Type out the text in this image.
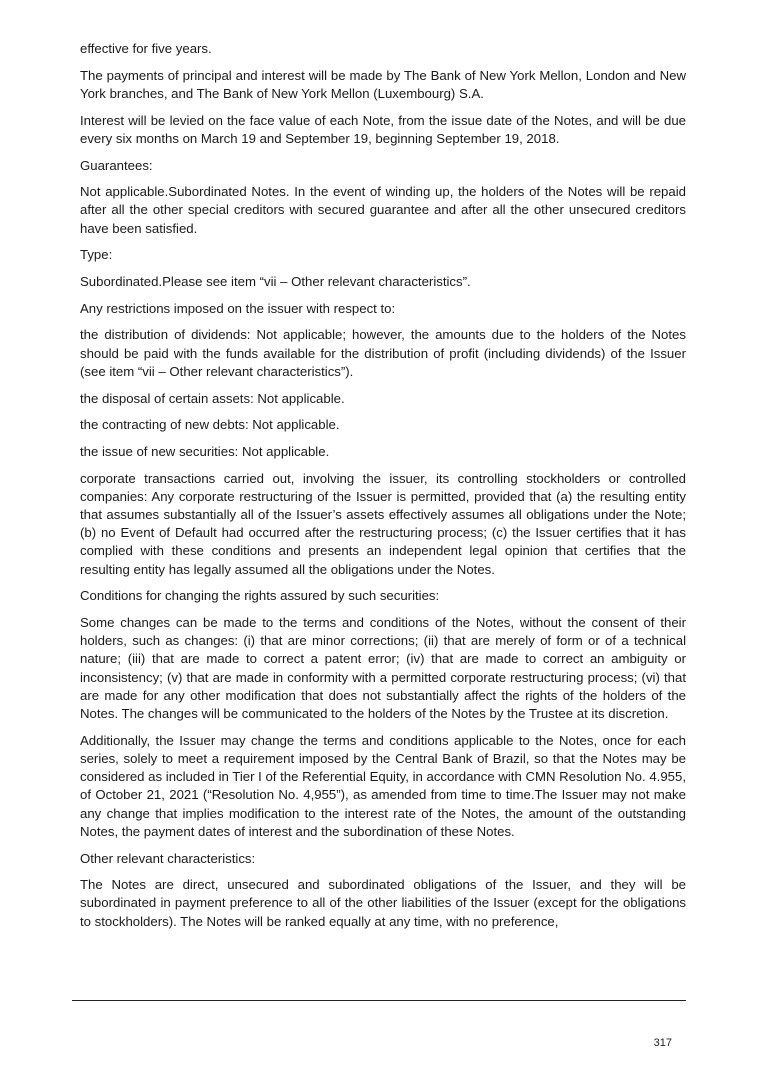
effective for five years.

The payments of principal and interest will be made by The Bank of New York Mellon, London and New York branches, and The Bank of New York Mellon (Luxembourg) S.A.

Interest will be levied on the face value of each Note, from the issue date of the Notes, and will be due every six months on March 19 and September 19, beginning September 19, 2018.

Guarantees:

Not applicable.Subordinated Notes. In the event of winding up, the holders of the Notes will be repaid after all the other special creditors with secured guarantee and after all the other unsecured creditors have been satisfied.

Type:

Subordinated.Please see item “vii – Other relevant characteristics”.

Any restrictions imposed on the issuer with respect to:

the distribution of dividends: Not applicable; however, the amounts due to the holders of the Notes should be paid with the funds available for the distribution of profit (including dividends) of the Issuer (see item “vii – Other relevant characteristics”).

the disposal of certain assets: Not applicable.

the contracting of new debts: Not applicable.

the issue of new securities: Not applicable.

corporate transactions carried out, involving the issuer, its controlling stockholders or controlled companies: Any corporate restructuring of the Issuer is permitted, provided that (a) the resulting entity that assumes substantially all of the Issuer’s assets effectively assumes all obligations under the Note; (b) no Event of Default had occurred after the restructuring process; (c) the Issuer certifies that it has complied with these conditions and presents an independent legal opinion that certifies that the resulting entity has legally assumed all the obligations under the Notes.

Conditions for changing the rights assured by such securities:

Some changes can be made to the terms and conditions of the Notes, without the consent of their holders, such as changes: (i) that are minor corrections; (ii) that are merely of form or of a technical nature; (iii) that are made to correct a patent error; (iv) that are made to correct an ambiguity or inconsistency; (v) that are made in conformity with a permitted corporate restructuring process; (vi) that are made for any other modification that does not substantially affect the rights of the holders of the Notes. The changes will be communicated to the holders of the Notes by the Trustee at its discretion.

Additionally, the Issuer may change the terms and conditions applicable to the Notes, once for each series, solely to meet a requirement imposed by the Central Bank of Brazil, so that the Notes may be considered as included in Tier I of the Referential Equity, in accordance with CMN Resolution No. 4.955, of October 21, 2021 (“Resolution No. 4,955”), as amended from time to time.The Issuer may not make any change that implies modification to the interest rate of the Notes, the amount of the outstanding Notes, the payment dates of interest and the subordination of these Notes.

Other relevant characteristics:

The Notes are direct, unsecured and subordinated obligations of the Issuer, and they will be subordinated in payment preference to all of the other liabilities of the Issuer (except for the obligations to stockholders). The Notes will be ranked equally at any time, with no preference,

317
